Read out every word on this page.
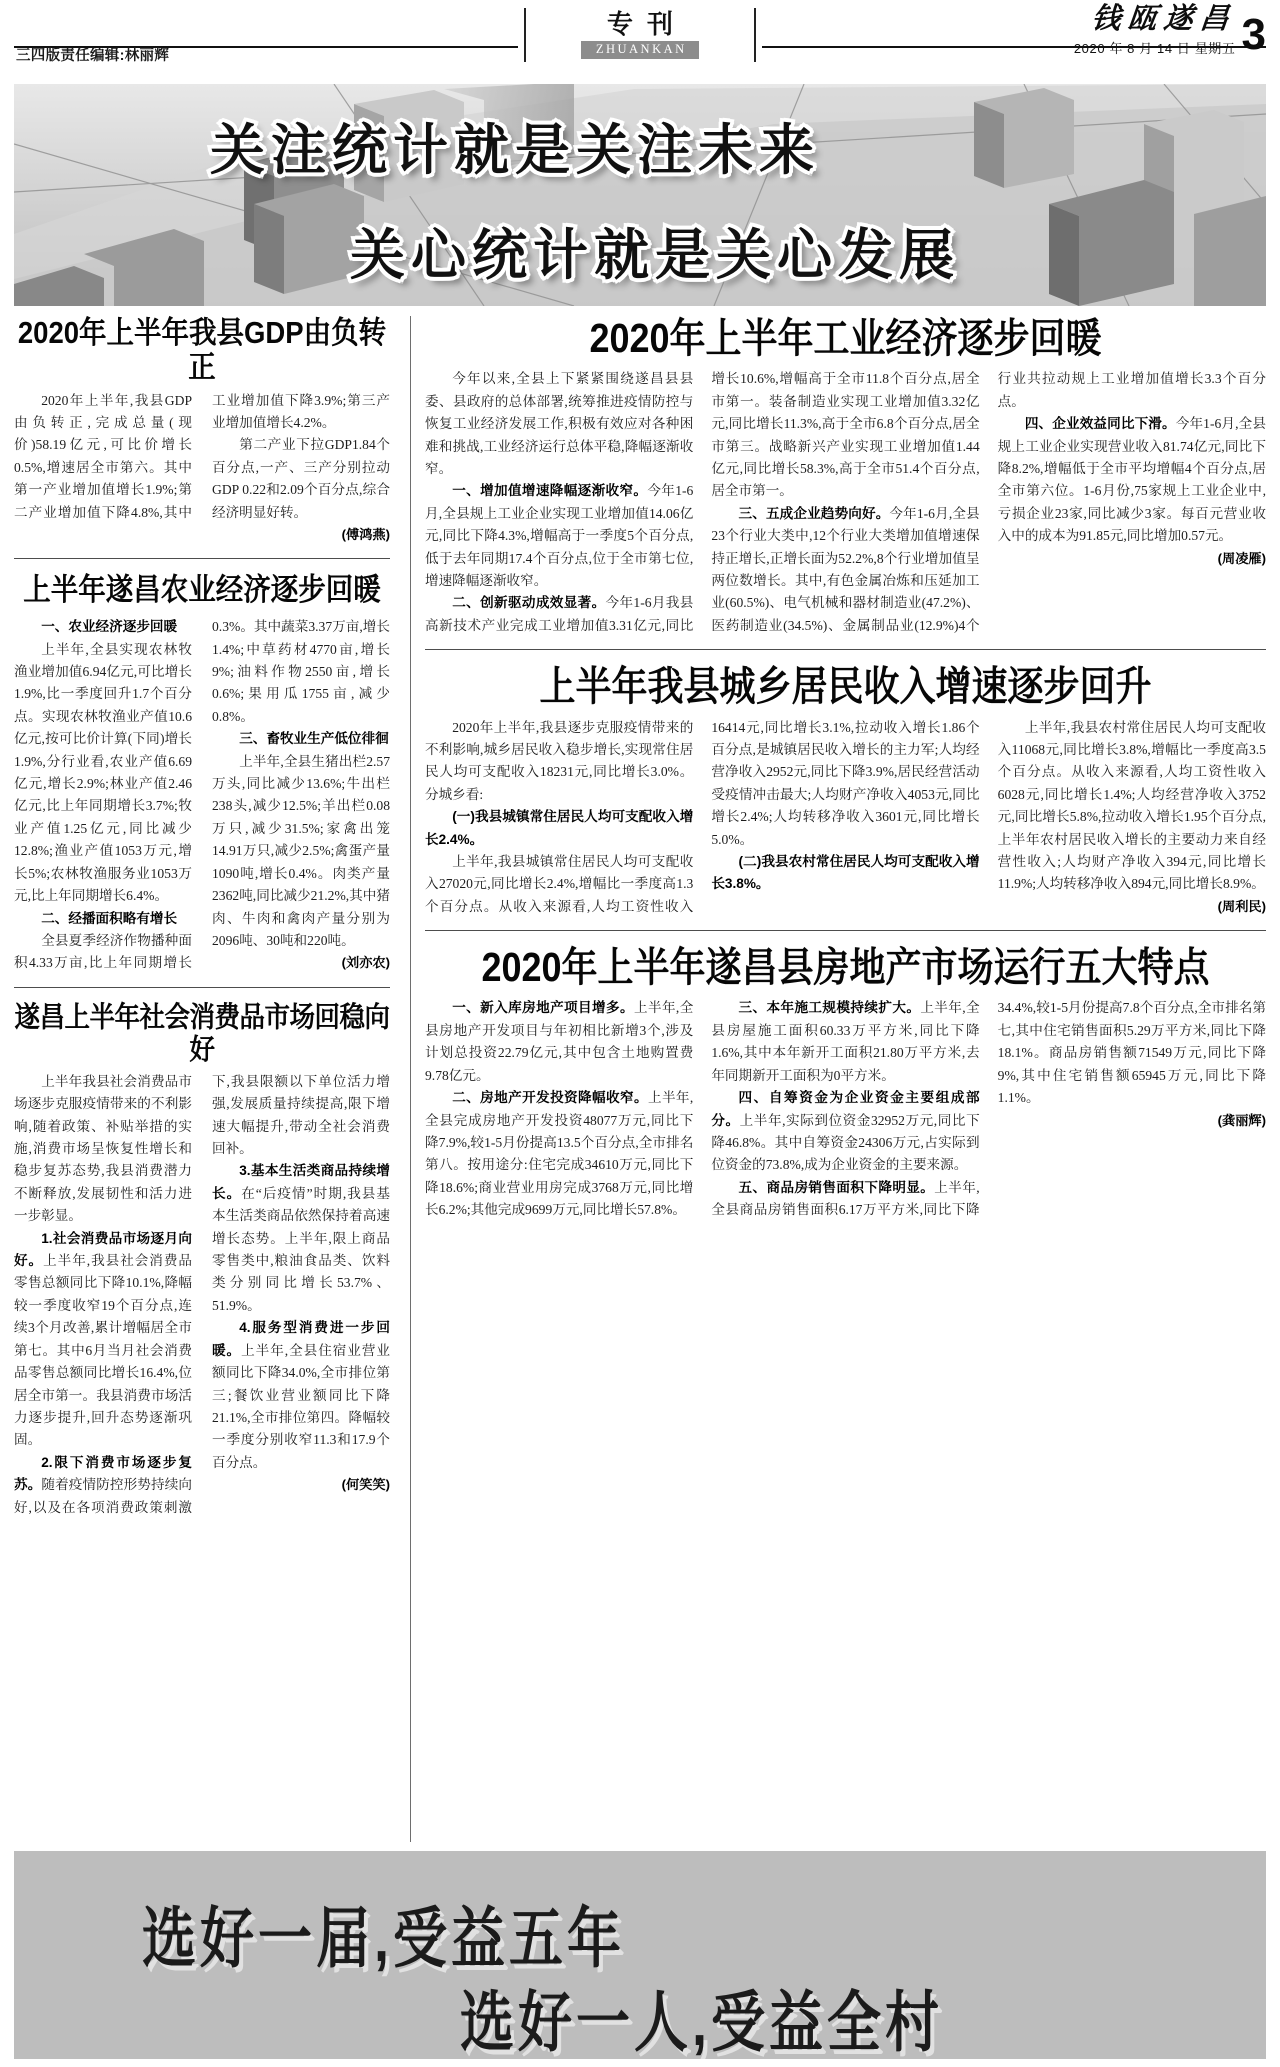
三四版责任编辑:林丽辉
专刊
ZHUANKAN
钱瓯遂昌
2020 年 8 月 14 日 星期五 3
关注统计就是关注未来
关心统计就是关心发展
2020年上半年我县GDP由负转正

2020年上半年,我县GDP由负转正,完成总量(现价)58.19亿元,可比价增长0.5%,增速居全市第六。其中第一产业增加值增长1.9%;第二产业增加值下降4.8%,其中工业增加值下降3.9%;第三产业增加值增长4.2%。

第二产业下拉GDP1.84个百分点,一产、三产分别拉动GDP 0.22和2.09个百分点,综合经济明显好转。

(傅鸿燕)

上半年遂昌农业经济逐步回暖

一、农业经济逐步回暖

上半年,全县实现农林牧渔业增加值6.94亿元,可比增长1.9%,比一季度回升1.7个百分点。实现农林牧渔业产值10.6亿元,按可比价计算(下同)增长1.9%,分行业看,农业产值6.69亿元,增长2.9%;林业产值2.46亿元,比上年同期增长3.7%;牧业产值1.25亿元,同比减少12.8%;渔业产值1053万元,增长5%;农林牧渔服务业1053万元,比上年同期增长6.4%。

二、经播面积略有增长

全县夏季经济作物播种面积4.33万亩,比上年同期增长0.3%。其中蔬菜3.37万亩,增长1.4%;中草药材4770亩,增长9%;油料作物2550亩,增长0.6%;果用瓜1755亩,减少0.8%。

三、畜牧业生产低位徘徊

上半年,全县生猪出栏2.57万头,同比减少13.6%;牛出栏238头,减少12.5%;羊出栏0.08万只,减少31.5%;家禽出笼14.91万只,减少2.5%;禽蛋产量1090吨,增长0.4%。肉类产量2362吨,同比减少21.2%,其中猪肉、牛肉和禽肉产量分别为2096吨、30吨和220吨。

(刘亦农)

遂昌上半年社会消费品市场回稳向好

上半年我县社会消费品市场逐步克服疫情带来的不利影响,随着政策、补贴举措的实施,消费市场呈恢复性增长和稳步复苏态势,我县消费潜力不断释放,发展韧性和活力进一步彰显。

1.社会消费品市场逐月向好。上半年,我县社会消费品零售总额同比下降10.1%,降幅较一季度收窄19个百分点,连续3个月改善,累计增幅居全市第七。其中6月当月社会消费品零售总额同比增长16.4%,位居全市第一。我县消费市场活力逐步提升,回升态势逐渐巩固。

2.限下消费市场逐步复苏。随着疫情防控形势持续向好,以及在各项消费政策刺激下,我县限额以下单位活力增强,发展质量持续提高,限下增速大幅提升,带动全社会消费回补。

3.基本生活类商品持续增长。在“后疫情”时期,我县基本生活类商品依然保持着高速增长态势。上半年,限上商品零售类中,粮油食品类、饮料类分别同比增长53.7%、51.9%。

4.服务型消费进一步回暖。上半年,全县住宿业营业额同比下降34.0%,全市排位第三;餐饮业营业额同比下降21.1%,全市排位第四。降幅较一季度分别收窄11.3和17.9个百分点。

(何笑笑)

2020年上半年工业经济逐步回暖

今年以来,全县上下紧紧围绕遂昌县县委、县政府的总体部署,统筹推进疫情防控与恢复工业经济发展工作,积极有效应对各种困难和挑战,工业经济运行总体平稳,降幅逐渐收窄。

一、增加值增速降幅逐渐收窄。今年1-6月,全县规上工业企业实现工业增加值14.06亿元,同比下降4.3%,增幅高于一季度5个百分点,低于去年同期17.4个百分点,位于全市第七位,增速降幅逐渐收窄。

二、创新驱动成效显著。今年1-6月我县高新技术产业完成工业增加值3.31亿元,同比增长10.6%,增幅高于全市11.8个百分点,居全市第一。装备制造业实现工业增加值3.32亿元,同比增长11.3%,高于全市6.8个百分点,居全市第三。战略新兴产业实现工业增加值1.44亿元,同比增长58.3%,高于全市51.4个百分点,居全市第一。

三、五成企业趋势向好。今年1-6月,全县23个行业大类中,12个行业大类增加值增速保持正增长,正增长面为52.2%,8个行业增加值呈两位数增长。其中,有色金属冶炼和压延加工业(60.5%)、电气机械和器材制造业(47.2%)、医药制造业(34.5%)、金属制品业(12.9%)4个行业共拉动规上工业增加值增长3.3个百分点。

四、企业效益同比下滑。今年1-6月,全县规上工业企业实现营业收入81.74亿元,同比下降8.2%,增幅低于全市平均增幅4个百分点,居全市第六位。1-6月份,75家规上工业企业中,亏损企业23家,同比减少3家。每百元营业收入中的成本为91.85元,同比增加0.57元。

(周凌雁)

上半年我县城乡居民收入增速逐步回升

2020年上半年,我县逐步克服疫情带来的不利影响,城乡居民收入稳步增长,实现常住居民人均可支配收入18231元,同比增长3.0%。分城乡看:

(一)我县城镇常住居民人均可支配收入增长2.4%。

上半年,我县城镇常住居民人均可支配收入27020元,同比增长2.4%,增幅比一季度高1.3个百分点。从收入来源看,人均工资性收入16414元,同比增长3.1%,拉动收入增长1.86个百分点,是城镇居民收入增长的主力军;人均经营净收入2952元,同比下降3.9%,居民经营活动受疫情冲击最大;人均财产净收入4053元,同比增长2.4%;人均转移净收入3601元,同比增长5.0%。

(二)我县农村常住居民人均可支配收入增长3.8%。

上半年,我县农村常住居民人均可支配收入11068元,同比增长3.8%,增幅比一季度高3.5个百分点。从收入来源看,人均工资性收入6028元,同比增长1.4%;人均经营净收入3752元,同比增长5.8%,拉动收入增长1.95个百分点,上半年农村居民收入增长的主要动力来自经营性收入;人均财产净收入394元,同比增长11.9%;人均转移净收入894元,同比增长8.9%。

(周利民)

2020年上半年遂昌县房地产市场运行五大特点

一、新入库房地产项目增多。上半年,全县房地产开发项目与年初相比新增3个,涉及计划总投资22.79亿元,其中包含土地购置费9.78亿元。

二、房地产开发投资降幅收窄。上半年,全县完成房地产开发投资48077万元,同比下降7.9%,较1-5月份提高13.5个百分点,全市排名第八。按用途分:住宅完成34610万元,同比下降18.6%;商业营业用房完成3768万元,同比增长6.2%;其他完成9699万元,同比增长57.8%。

三、本年施工规模持续扩大。上半年,全县房屋施工面积60.33万平方米,同比下降1.6%,其中本年新开工面积21.80万平方米,去年同期新开工面积为0平方米。

四、自筹资金为企业资金主要组成部分。上半年,实际到位资金32952万元,同比下降46.8%。其中自筹资金24306万元,占实际到位资金的73.8%,成为企业资金的主要来源。

五、商品房销售面积下降明显。上半年,全县商品房销售面积6.17万平方米,同比下降34.4%,较1-5月份提高7.8个百分点,全市排名第七,其中住宅销售面积5.29万平方米,同比下降18.1%。商品房销售额71549万元,同比下降9%,其中住宅销售额65945万元,同比下降1.1%。

(龚丽辉)

选好一届,受益五年
选好一人,受益全村
